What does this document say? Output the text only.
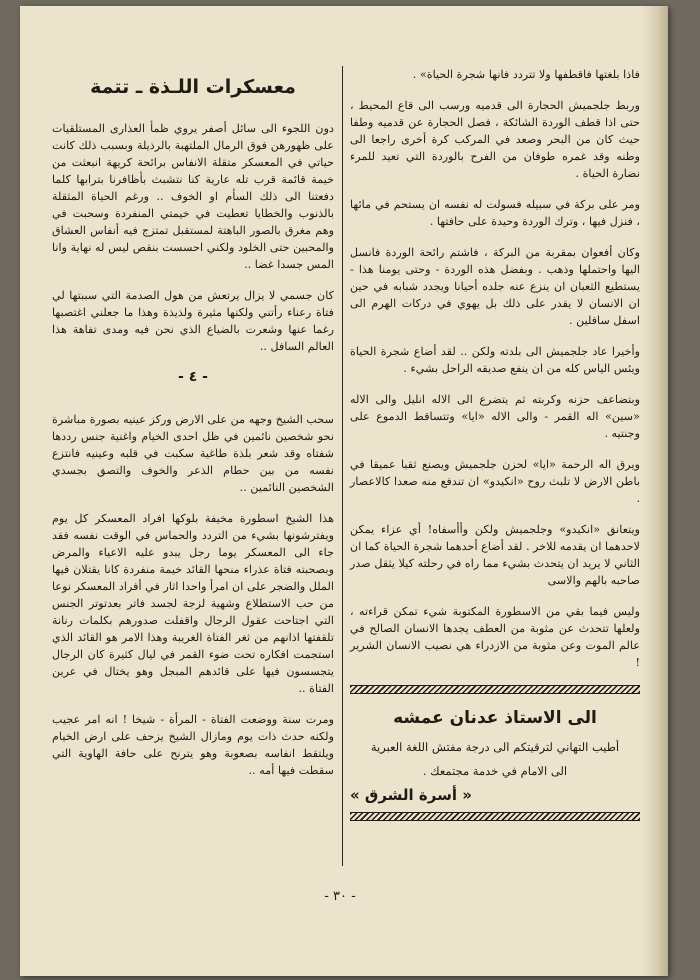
فاذا بلغتها فاقطفها ولا تتردد فانها شجرة الحياة» .

وربط جلجميش الحجارة الى قدميه ورسب الى قاع المحيط ، حتى اذا قطف الوردة الشائكة ، فصل الحجارة عن قدميه وطفا حيث كان من البحر وصعد في المركب كرة أخرى راجعا الى وطنه وقد غمره طوفان من الفرح بالوردة التي تعيد للمرء نضارة الحياة .

ومر على بركة في سبيله فسولت له نفسه ان يستحم في مائها ، فنزل فيها ، وترك الوردة وحيدة على حافتها .

وكان أفعوان بمقربة من البركة ، فاشتم رائحة الوردة فانسل اليها واحتملها وذهب . وبفضل هذه الوردة - وحتى يومنا هذا - يستطيع الثعبان ان ينزع عنه جلده أحيانا ويجدد شبابه في حين ان الانسان لا يقدر على ذلك بل يهوي في دركات الهرم الى اسفل سافلين .

وأخيرا عاد جلجميش الى بلدته ولكن .. لقد أضاع شجرة الحياة ويئس الياس كله من ان ينفع صديقه الراحل بشيء .

وبتضاعف حزنه وكربته ثم يتضرع الى الاله انليل والى الاله «سين» اله القمر - والى الاله «ايا» وتتساقط الدموع على وجنتيه .

ويرق اله الرحمة «ايا» لحزن جلجميش ويصنع ثقبا عميقا في باطن الارض لا تلبث روح «انكيدو» ان تندفع منه صعدا كالاعصار .

ويتعانق «انكيدو» وجلجميش ولكن وأأسفاه! أي عزاء يمكن لاحدهما ان يقدمه للاخر . لقد أضاع أحدهما شجرة الحياة كما ان الثاني لا يريد ان يتحدث بشيء مما راه في رحلته كيلا يثقل صدر صاحبه بالهم والاسى

وليس فيما بقي من الاسطورة المكتوبة شيء تمكن قراءته ، ولعلها تتحدث عن مثوبة من العطف يجدها الانسان الصالح في عالم الموت وعن مثوبة من الازدراء هي نصيب الانسان الشرير !

الى الاستاذ عدنان عمشه
أطيب التهاني لترقيتكم الى درجة مفتش اللغة العبرية
الى الامام في خدمة مجتمعك .
« أسرة الشرق »
معسكرات اللـذة ـ تتمة

دون اللجوء الى سائل أصفر يروي ظمأ العذارى المستلقيات على ظهورهن فوق الرمال الملتهبة بالرذيلة وبسبب ذلك كانت حياتي في المعسكر متقلة الانفاس برائحة كريهة انبعثت من خيمة قائمة قرب تله عارية كنا نتشبث بأظافرنا بترابها كلما دفعتنا الى ذلك السأم او الخوف .. ورغم الحياة المثقلة بالذنوب والخطايا تعطيت في خيمتي المنفردة وسحبت في وهم مغرق بالصور الباهتة لمستقبل تمتزج فيه أنفاس العشاق والمحبين حتى الخلود ولكني احسست بنقص ليس له نهاية وانا المس جسدا غضا ..

كان جسمي لا يزال يرتعش من هول الصدمة التي سببتها لي فتاة رعناء رأتني ولكنها مثيرة ولذيذة وهذا ما جعلني اغتصبها رغما عنها وشعرت بالضياع الذي نحن فيه ومدى تفاهة هذا العالم السافل ..

- ٤ -

سحب الشيخ وجهه من على الارض وركز عينيه بصورة مباشرة نحو شخصين نائمين في ظل احدى الخيام واغنية جنس رددها شفتاه وقد شعر بلذة طاغية سكبت في قلبه وعينيه فانتزع نفسه من بين حطام الذعر والخوف والتصق بجسدي الشخصين النائمين ..

هذا الشيخ اسطورة مخيفة بلوكها افراد المعسكر كل يوم ويفترشونها بشيء من التردد والحماس في الوقت نفسه فقد جاء الى المعسكر يوما رجل يبدو عليه الاعياء والمرض وبصحبته فتاة عذراء منحها القائد خيمة منفردة كانا يقتلان فيها الملل والضجر على ان امرأ واحدا اثار في أفراد المعسكر نوعا من حب الاستطلاع وشهية لزجة لجسد فاتر بعدتوتر الجنس التي اجتاحت عقول الرجال واقفلت صدورهم بكلمات رنانة تلقفتها اذانهم من ثغر الفتاة الغريبة وهذا الامر هو القائد الذي استجمت افكاره تحت ضوء القمر في ليال كثيرة كان الرجال يتجسسون فيها على قائدهم المبجل وهو يختال في عرين الفتاة ..

ومرت سنة ووضعت الفتاة - المرأة - شيخا ! انه امر عجيب ولكنه حدث ذات يوم ومازال الشيخ يزحف على ارض الخيام ويلتقط انفاسه بصعوبة وهو يترنح على حافة الهاوية التي سقطت فيها أمه ..

- ٣٠ -
